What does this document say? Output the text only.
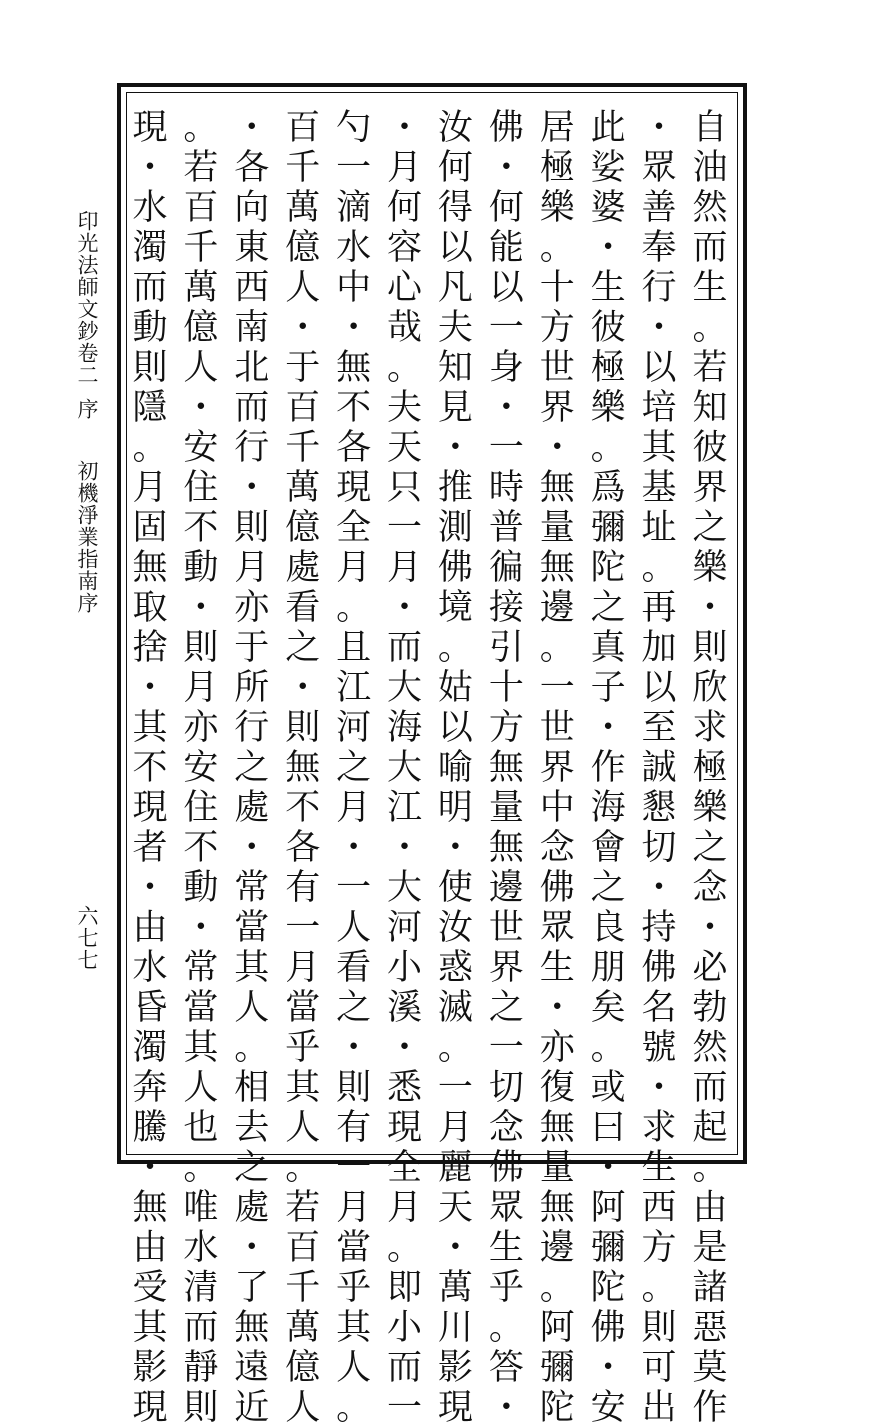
印光法師文鈔卷二
序
初機淨業指南序
六七七
自
油
然
而
生
。
若
知
彼
界
之
樂
・
則
欣
求
極
樂
之
念
・
必
勃
然
而
起
。
由
是
諸
惡
莫
作
・
眾
善
奉
行
・
以
培
其
基
址
。
再
加
以
至
誠
懇
切
・
持
佛
名
號
・
求
生
西
方
。
則
可
出
此
娑
婆
・
生
彼
極
樂
。
爲
彌
陀
之
真
子
・
作
海
會
之
良
朋
矣
。
或
曰
・
阿
彌
陀
佛
・
安
居
極
樂
。
十
方
世
界
・
無
量
無
邊
。
一
世
界
中
念
佛
眾
生
・
亦
復
無
量
無
邊
。
阿
彌
陀
佛
・
何
能
以
一
身
・
一
時
普
徧
接
引
十
方
無
量
無
邊
世
界
之
一
切
念
佛
眾
生
乎
。
答
・
汝
何
得
以
凡
夫
知
見
・
推
測
佛
境
。
姑
以
喻
明
・
使
汝
惑
滅
。
一
月
麗
天
・
萬
川
影
現
・
月
何
容
心
哉
。
夫
天
只
一
月
・
而
大
海
大
江
・
大
河
小
溪
・
悉
現
全
月
。
即
小
而
一
勺
一
滴
水
中
・
無
不
各
現
全
月
。
且
江
河
之
月
・
一
人
看
之
・
則
有
一
月
當
乎
其
人
。
百
千
萬
億
人
・
于
百
千
萬
億
處
看
之
・
則
無
不
各
有
一
月
當
乎
其
人
。
若
百
千
萬
億
人
・
各
向
東
西
南
北
而
行
・
則
月
亦
于
所
行
之
處
・
常
當
其
人
。
相
去
之
處
・
了
無
遠
近
。
若
百
千
萬
億
人
・
安
住
不
動
・
則
月
亦
安
住
不
動
・
常
當
其
人
也
。
唯
水
清
而
靜
則
現
・
水
濁
而
動
則
隱
。
月
固
無
取
捨
・
其
不
現
者
・
由
水
昏
濁
奔
騰
・
無
由
受
其
影
現
